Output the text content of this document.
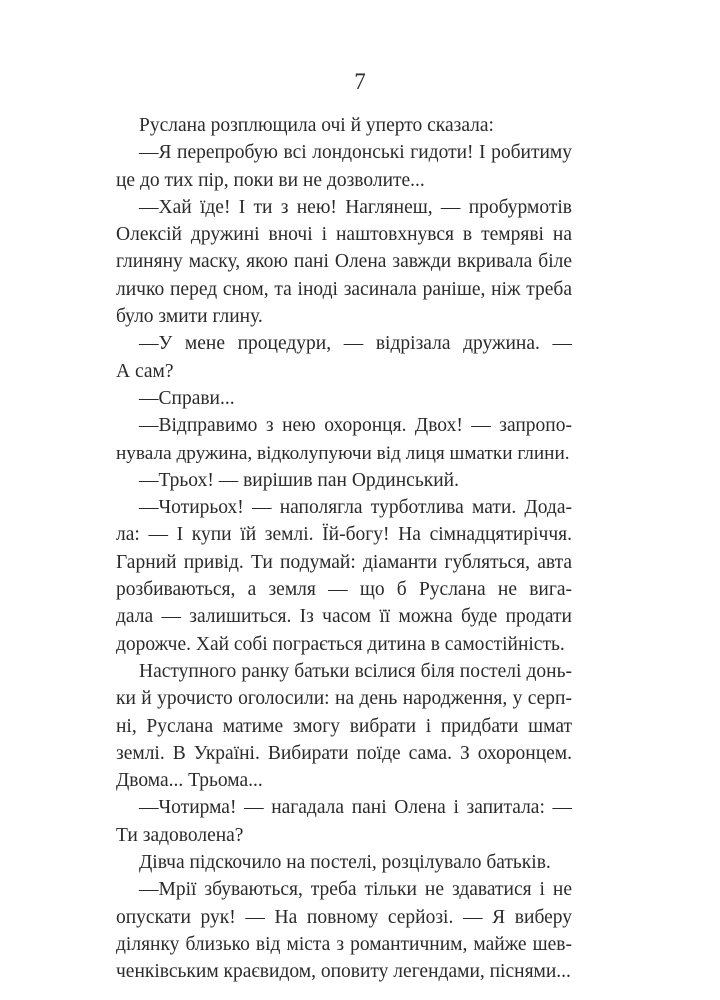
7
Руслана розплющила очі й уперто сказала:
—Я перепробую всі лондонські гидоти! І робитиму
це до тих пір, поки ви не дозволите...
—Хай їде! І ти з нею! Наглянеш, — пробурмотів
Олексій дружині вночі і наштовхнувся в темряві на
глиняну маску, якою пані Олена завжди вкривала біле
личко перед сном, та іноді засинала раніше, ніж треба
було змити глину.
—У мене процедури, — відрізала дружина. —
А сам?
—Справи...
—Відправимо з нею охоронця. Двох! — запропо-
нувала дружина, відколупуючи від лиця шматки глини.
—Трьох! — вирішив пан Ординський.
—Чотирьох! — наполягла турботлива мати. Дода-
ла: — І купи їй землі. Їй-богу! На сімнадцятиріччя.
Гарний привід. Ти подумай: діаманти губляться, авта
розбиваються, а земля — що б Руслана не вига-
дала — залишиться. Із часом її можна буде продати
дорожче. Хай собі пограється дитина в самостійність.
Наступного ранку батьки всілися біля постелі донь-
ки й урочисто оголосили: на день народження, у серп-
ні, Руслана матиме змогу вибрати і придбати шмат
землі. В Україні. Вибирати поїде сама. З охоронцем.
Двома... Трьома...
—Чотирма! — нагадала пані Олена і запитала: —
Ти задоволена?
Дівча підскочило на постелі, розцілувало батьків.
—Мрії збуваються, треба тільки не здаватися і не
опускати рук! — На повному серйозі. — Я виберу
ділянку близько від міста з романтичним, майже шев-
ченківським краєвидом, оповиту легендами, піснями...
